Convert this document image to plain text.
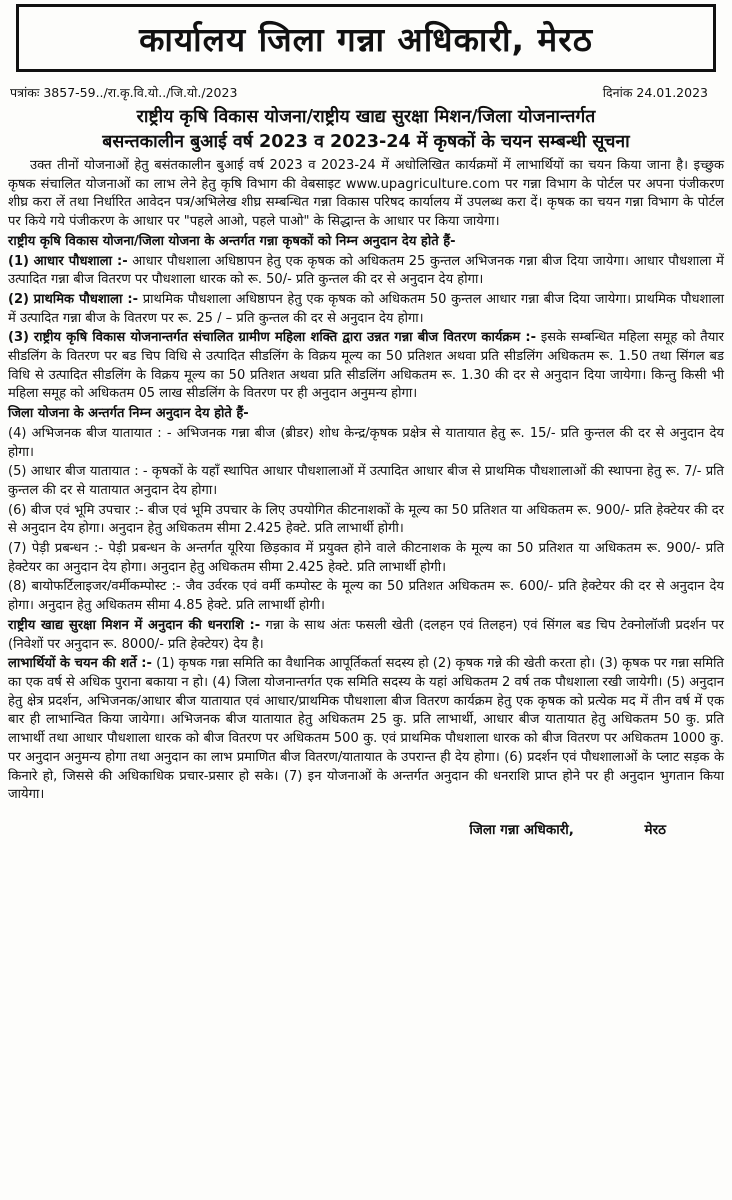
कार्यालय जिला गन्ना अधिकारी, मेरठ
पत्रांकः 3857-59../रा.कृ.वि.यो../जि.यो./2023	दिनांक 24.01.2023
राष्ट्रीय कृषि विकास योजना/राष्ट्रीय खाद्य सुरक्षा मिशन/जिला योजनान्तर्गत
बसन्तकालीन बुआई वर्ष 2023 व 2023-24 में कृषकों के चयन सम्बन्धी सूचना

उक्त तीनों योजनाओं हेतु बसंतकालीन बुआई वर्ष 2023 व 2023-24 में अधोलिखित कार्यक्रमों में लाभार्थियों का चयन किया जाना है। इच्छुक कृषक संचालित योजनाओं का लाभ लेने हेतु कृषि विभाग की वेबसाइट www.upagriculture.com पर गन्ना विभाग के पोर्टल पर अपना पंजीकरण शीघ्र करा लें तथा निर्धारित आवेदन पत्र/अभिलेख शीघ्र सम्बन्धित गन्ना विकास परिषद कार्यालय में उपलब्ध करा दें। कृषक का चयन गन्ना विभाग के पोर्टल पर किये गये पंजीकरण के आधार पर "पहले आओ, पहले पाओ" के सिद्धान्त के आधार पर किया जायेगा।

राष्ट्रीय कृषि विकास योजना/जिला योजना के अन्तर्गत गन्ना कृषकों को निम्न अनुदान देय होते हैं-

(1) आधार पौधशाला :- आधार पौधशाला अधिष्ठापन हेतु एक कृषक को अधिकतम 25 कुन्तल अभिजनक गन्ना बीज दिया जायेगा। आधार पौधशाला में उत्पादित गन्ना बीज वितरण पर पौधशाला धारक को रू. 50/- प्रति कुन्तल की दर से अनुदान देय होगा।

(2) प्राथमिक पौधशाला :- प्राथमिक पौधशाला अधिष्ठापन हेतु एक कृषक को अधिकतम 50 कुन्तल आधार गन्ना बीज दिया जायेगा। प्राथमिक पौधशाला में उत्पादित गन्ना बीज के वितरण पर रू. 25 / – प्रति कुन्तल की दर से अनुदान देय होगा।

(3) राष्ट्रीय कृषि विकास योजनान्तर्गत संचालित ग्रामीण महिला शक्ति द्वारा उन्नत गन्ना बीज वितरण कार्यक्रम :- इसके सम्बन्धित महिला समूह को तैयार सीडलिंग के वितरण पर बड चिप विधि से उत्पादित सीडलिंग के विक्रय मूल्य का 50 प्रतिशत अथवा प्रति सीडलिंग अधिकतम रू. 1.50 तथा सिंगल बड विधि से उत्पादित सीडलिंग के विक्रय मूल्य का 50 प्रतिशत अथवा प्रति सीडलिंग अधिकतम रू. 1.30 की दर से अनुदान दिया जायेगा। किन्तु किसी भी महिला समूह को अधिकतम 05 लाख सीडलिंग के वितरण पर ही अनुदान अनुमन्य होगा।

जिला योजना के अन्तर्गत निम्न अनुदान देय होते हैं-

(4) अभिजनक बीज यातायात : - अभिजनक गन्ना बीज (ब्रीडर) शोध केन्द्र/कृषक प्रक्षेत्र से यातायात हेतु रू. 15/- प्रति कुन्तल की दर से अनुदान देय होगा।

(5) आधार बीज यातायात : - कृषकों के यहाँ स्थापित आधार पौधशालाओं में उत्पादित आधार बीज से प्राथमिक पौधशालाओं की स्थापना हेतु रू. 7/- प्रति कुन्तल की दर से यातायात अनुदान देय होगा।

(6) बीज एवं भूमि उपचार :- बीज एवं भूमि उपचार के लिए उपयोगित कीटनाशकों के मूल्य का 50 प्रतिशत या अधिकतम रू. 900/- प्रति हेक्टेयर की दर से अनुदान देय होगा। अनुदान हेतु अधिकतम सीमा 2.425 हेक्टे. प्रति लाभार्थी होगी।

(7) पेड़ी प्रबन्धन :- पेड़ी प्रबन्धन के अन्तर्गत यूरिया छिड़काव में प्रयुक्त होने वाले कीटनाशक के मूल्य का 50 प्रतिशत या अधिकतम रू. 900/- प्रति हेक्टेयर का अनुदान देय होगा। अनुदान हेतु अधिकतम सीमा 2.425 हेक्टे. प्रति लाभार्थी होगी।

(8) बायोफर्टिलाइजर/वर्मीकम्पोस्ट :- जैव उर्वरक एवं वर्मी कम्पोस्ट के मूल्य का 50 प्रतिशत अधिकतम रू. 600/- प्रति हेक्टेयर की दर से अनुदान देय होगा। अनुदान हेतु अधिकतम सीमा 4.85 हेक्टे. प्रति लाभार्थी होगी।

राष्ट्रीय खाद्य सुरक्षा मिशन में अनुदान की धनराशि :- गन्ना के साथ अंतः फसली खेती (दलहन एवं तिलहन) एवं सिंगल बड चिप टेक्नोलॉजी प्रदर्शन पर (निवेशों पर अनुदान रू. 8000/- प्रति हेक्टेयर) देय है।

लाभार्थियों के चयन की शर्ते :- (1) कृषक गन्ना समिति का वैधानिक आपूर्तिकर्ता सदस्य हो (2) कृषक गन्ने की खेती करता हो। (3) कृषक पर गन्ना समिति का एक वर्ष से अधिक पुराना बकाया न हो। (4) जिला योजनान्तर्गत एक समिति सदस्य के यहां अधिकतम 2 वर्ष तक पौधशाला रखी जायेगी। (5) अनुदान हेतु क्षेत्र प्रदर्शन, अभिजनक/आधार बीज यातायात एवं आधार/प्राथमिक पौधशाला बीज वितरण कार्यक्रम हेतु एक कृषक को प्रत्येक मद में तीन वर्ष में एक बार ही लाभान्वित किया जायेगा। अभिजनक बीज यातायात हेतु अधिकतम 25 कु. प्रति लाभार्थी, आधार बीज यातायात हेतु अधिकतम 50 कु. प्रति लाभार्थी तथा आधार पौधशाला धारक को बीज वितरण पर अधिकतम 500 कु. एवं प्राथमिक पौधशाला धारक को बीज वितरण पर अधिकतम 1000 कु. पर अनुदान अनुमन्य होगा तथा अनुदान का लाभ प्रमाणित बीज वितरण/यातायात के उपरान्त ही देय होगा। (6) प्रदर्शन एवं पौधशालाओं के प्लाट सड़क के किनारे हो, जिससे की अधिकाधिक प्रचार-प्रसार हो सके। (7) इन योजनाओं के अन्तर्गत अनुदान की धनराशि प्राप्त होने पर ही अनुदान भुगतान किया जायेगा।

जिला गन्ना अधिकारी,	मेरठ
